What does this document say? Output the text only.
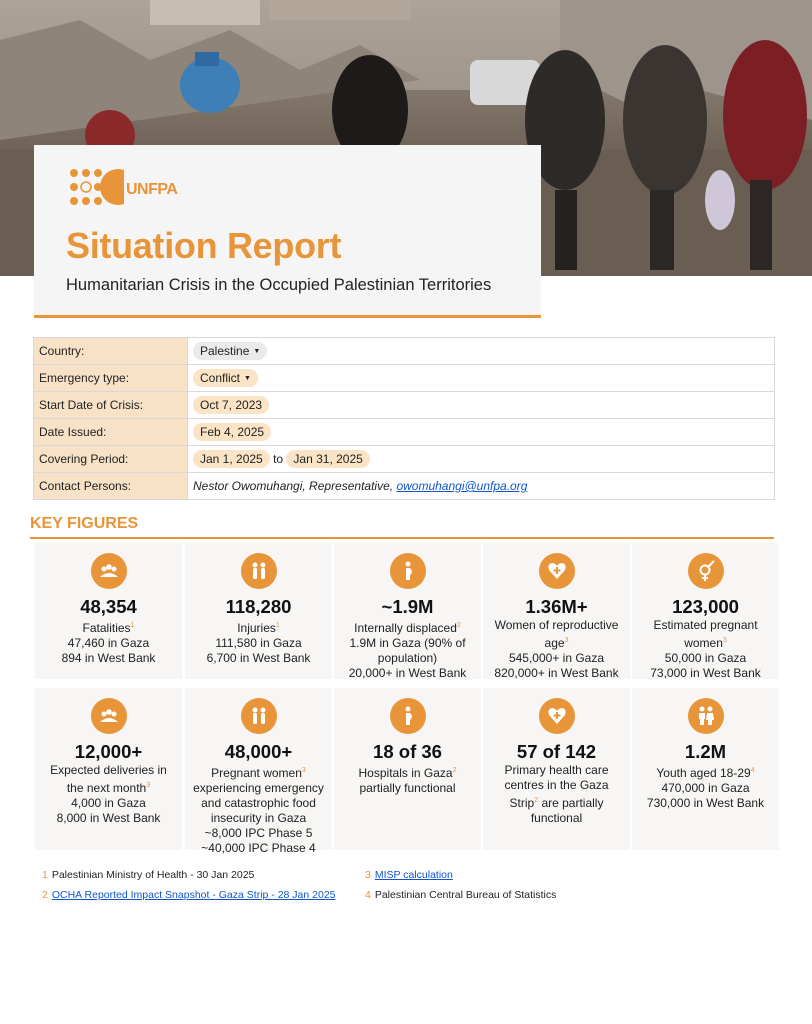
UNFPA
Situation Report
Humanitarian Crisis in the Occupied Palestinian Territories
Country:	Palestine ▼
Emergency type:	Conflict ▼
Start Date of Crisis:	Oct 7, 2023
Date Issued:	Feb 4, 2025
Covering Period:	Jan 1, 2025 to Jan 31, 2025
Contact Persons:	Nestor Owomuhangi, Representative, owomuhangi@unfpa.org
KEY FIGURES
48,354
Fatalities$^1$
47,460 in Gaza
894 in West Bank
118,280
Injuries$^1$
111,580 in Gaza
6,700 in West Bank
~1.9M
Internally displaced$^2$
1.9M in Gaza (90% of
population)
20,000+ in West Bank
1.36M+
Women of reproductive
age$^3$
545,000+ in Gaza
820,000+ in West Bank
123,000
Estimated pregnant
women$^3$
50,000 in Gaza
73,000 in West Bank
12,000+
Expected deliveries in
the next month$^3$
4,000 in Gaza
8,000 in West Bank
48,000+
Pregnant women$^3$
experiencing emergency
and catastrophic food
insecurity in Gaza
~8,000 IPC Phase 5
~40,000 IPC Phase 4
18 of 36
Hospitals in Gaza$^2$
partially functional
57 of 142
Primary health care
centres in the Gaza
Strip$^2$ are partially
functional
1.2M
Youth aged $18-29^4$
470,000 in Gaza
730,000 in West Bank
1 Palestinian Ministry of Health - 30 Jan 2025
2 OCHA Reported Impact Snapshot - Gaza Strip - 28 Jan 2025
3 MISP calculation
4 Palestinian Central Bureau of Statistics
